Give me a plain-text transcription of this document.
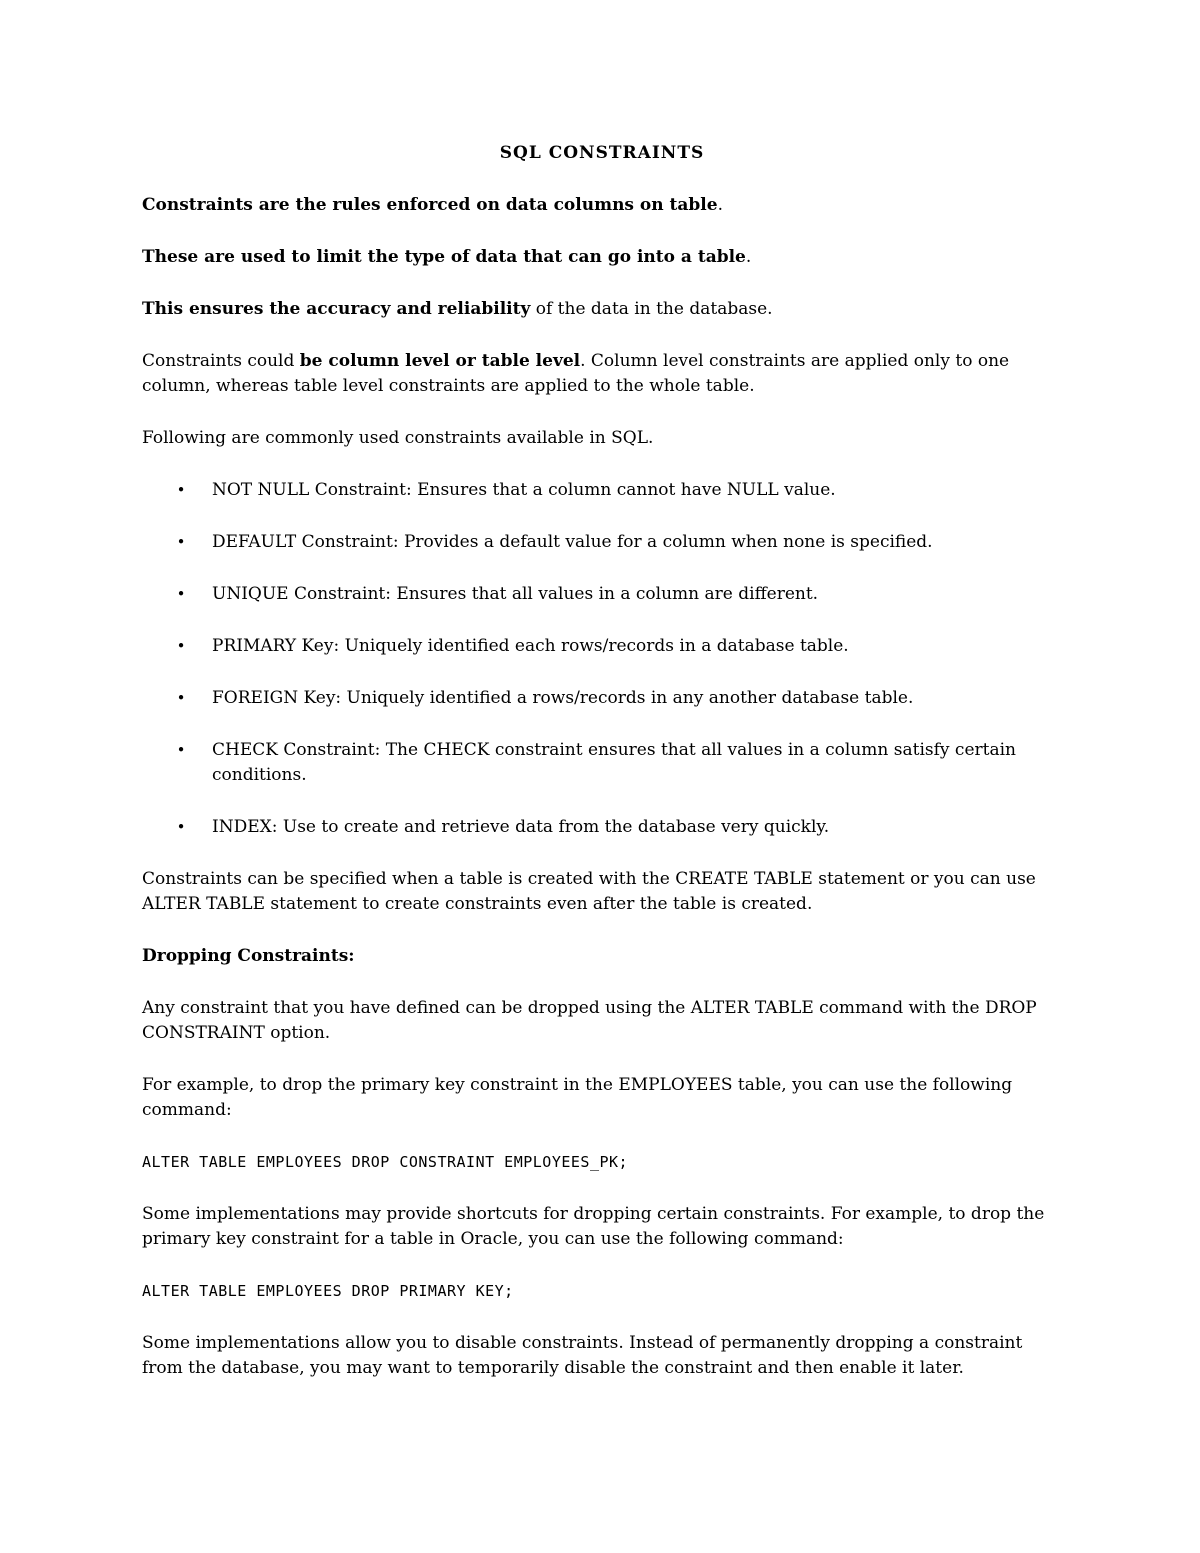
SQL CONSTRAINTS

Constraints are the rules enforced on data columns on table.

These are used to limit the type of data that can go into a table.

This ensures the accuracy and reliability of the data in the database.

Constraints could be column level or table level. Column level constraints are applied only to one column, whereas table level constraints are applied to the whole table.

Following are commonly used constraints available in SQL.

• NOT NULL Constraint: Ensures that a column cannot have NULL value.
• DEFAULT Constraint: Provides a default value for a column when none is specified.
• UNIQUE Constraint: Ensures that all values in a column are different.
• PRIMARY Key: Uniquely identified each rows/records in a database table.
• FOREIGN Key: Uniquely identified a rows/records in any another database table.
• CHECK Constraint: The CHECK constraint ensures that all values in a column satisfy certain conditions.
• INDEX: Use to create and retrieve data from the database very quickly.

Constraints can be specified when a table is created with the CREATE TABLE statement or you can use ALTER TABLE statement to create constraints even after the table is created.

Dropping Constraints:

Any constraint that you have defined can be dropped using the ALTER TABLE command with the DROP CONSTRAINT option.

For example, to drop the primary key constraint in the EMPLOYEES table, you can use the following command:

ALTER TABLE EMPLOYEES DROP CONSTRAINT EMPLOYEES_PK;

Some implementations may provide shortcuts for dropping certain constraints. For example, to drop the primary key constraint for a table in Oracle, you can use the following command:

ALTER TABLE EMPLOYEES DROP PRIMARY KEY;

Some implementations allow you to disable constraints. Instead of permanently dropping a constraint from the database, you may want to temporarily disable the constraint and then enable it later.
